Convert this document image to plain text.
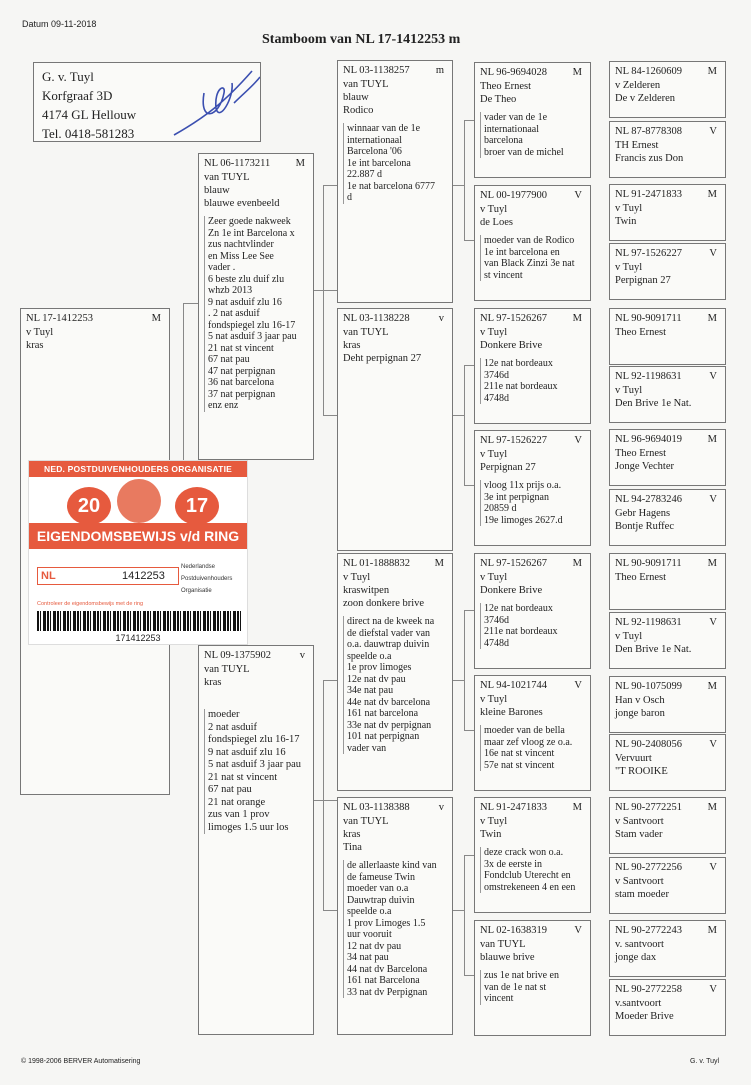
Datum 09-11-2018
Stamboom van NL 17-1412253 m
G. v. Tuyl
Korfgraaf 3D
4174 GL Hellouw
Tel. 0418-581283
NL 17-1412253	M
v Tuyl
kras
NED. POSTDUIVENHOUDERS ORGANISATIE
20	17
EIGENDOMSBEWIJS v/d RING
NL	1412253
Nederlandse
Postduivenhouders
Organisatie
Controleer de eigendomsbewijs met de ring
171412253
NL 06-1173211 M
van TUYL
blauw
blauwe evenbeeld
Zeer goede nakweek
Zn 1e int Barcelona x
zus nachtvlinder
en Miss Lee See
vader .
6 beste zlu duif zlu
whzb 2013
9 nat asduif zlu 16
. 2 nat asduif
fondspiegel zlu 16-17
5 nat asduif 3 jaar pau
21 nat st vincent
67 nat pau
47 nat perpignan
36 nat barcelona
37 nat perpignan
enz enz
NL 09-1375902	v
van TUYL
kras
moeder
2 nat asduif
fondspiegel zlu 16-17
9 nat asduif zlu 16
5 nat asduif 3 jaar pau
21 nat st vincent
67 nat pau
21 nat orange
zus van 1 prov
limoges 1.5 uur los
NL 03-1138257 m
van TUYL
blauw
Rodico
winnaar van de 1e
internationaal
Barcelona '06
1e int barcelona
22.887 d
1e nat barcelona 6777
d
NL 03-1138228	v
van TUYL
kras
Deht perpignan 27
NL 01-1888832 M
v Tuyl
kraswitpen
zoon donkere brive
direct na de kweek na
de diefstal vader van
o.a. dauwtrap duivin
speelde o.a
1e prov limoges
12e nat dv pau
34e nat pau
44e nat dv barcelona
161 nat barcelona
33e nat dv perpignan
101 nat perpignan
vader van
NL 03-1138388	v
van TUYL
kras
Tina
de allerlaaste kind van
de fameuse Twin
moeder van o.a
Dauwtrap duivin
speelde o.a
1 prov Limoges 1.5
uur vooruit
12 nat dv pau
34 nat pau
44 nat dv Barcelona
161 nat Barcelona
33 nat dv Perpignan
NL 96-9694028 M
Theo Ernest
De Theo
vader van de 1e
internationaal
barcelona
broer van de michel
NL 00-1977900	V
v Tuyl
de Loes
moeder van de Rodico
1e int barcelona en
van Black Zinzi 3e nat
st vincent
NL 97-1526267 M
v Tuyl
Donkere Brive
12e nat bordeaux
3746d
211e nat bordeaux
4748d
NL 97-1526227	V
v Tuyl
Perpignan 27
vloog 11x prijs o.a.
3e int perpignan
20859 d
19e limoges 2627.d
NL 97-1526267 M
v Tuyl
Donkere Brive
12e nat bordeaux
3746d
211e nat bordeaux
4748d
NL 94-1021744	V
v Tuyl
kleine Barones
moeder van de bella
maar zef vloog ze o.a.
16e nat st vincent
57e nat st vincent
NL 91-2471833 M
v Tuyl
Twin
deze crack won o.a.
3x de eerste in
Fondclub Uterecht en
omstrekeneen 4 en een
NL 02-1638319	V
van TUYL
blauwe brive
zus 1e nat brive en
van de 1e nat st
vincent
NL 84-1260609 M
v Zelderen
De v Zelderen
NL 87-8778308	V
TH Ernest
Francis zus Don
NL 91-2471833 M
v Tuyl
Twin
NL 97-1526227	V
v Tuyl
Perpignan 27
NL 90-9091711 M
Theo Ernest
NL 92-1198631	V
v Tuyl
Den Brive 1e Nat.
NL 96-9694019 M
Theo Ernest
Jonge Vechter
NL 94-2783246	V
Gebr Hagens
Bontje Ruffec
NL 90-9091711 M
Theo Ernest
NL 92-1198631	V
v Tuyl
Den Brive 1e Nat.
NL 90-1075099 M
Han v Osch
jonge baron
NL 90-2408056	V
Vervuurt
"T ROOIKE
NL 90-2772251 M
v Santvoort
Stam vader
NL 90-2772256	V
v Santvoort
stam moeder
NL 90-2772243 M
v. santvoort
jonge dax
NL 90-2772258	V
v.santvoort
Moeder Brive
© 1998-2006 BERVER Automatisering	G. v. Tuyl
